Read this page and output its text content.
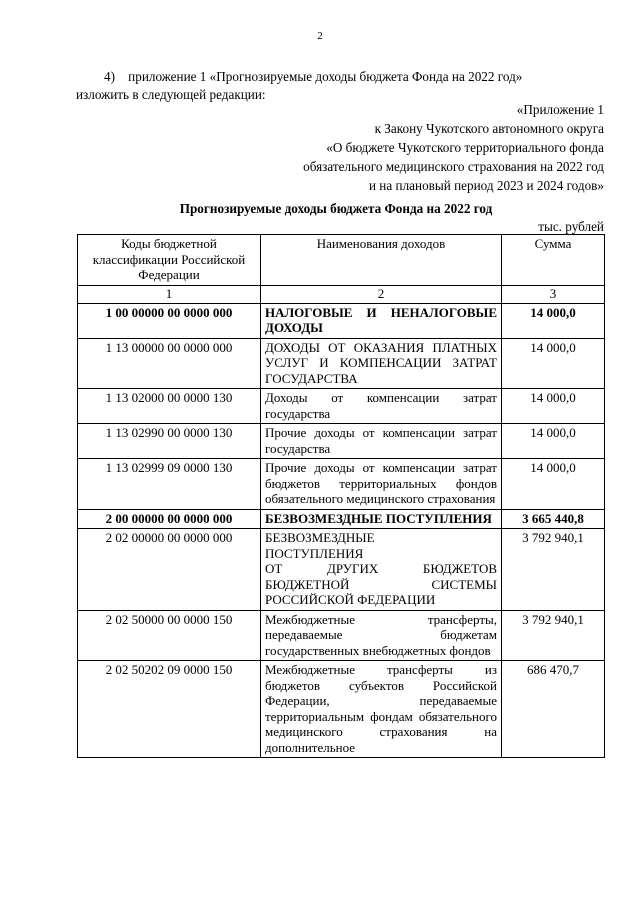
2
4)    приложение 1 «Прогнозируемые доходы бюджета Фонда на 2022 год»
изложить в следующей редакции:
«Приложение 1
к Закону Чукотского автономного округа
«О бюджете Чукотского территориального фонда
обязательного медицинского страхования на 2022 год
и на плановый период 2023 и 2024 годов»
Прогнозируемые доходы бюджета Фонда на 2022 год
тыс. рублей
Коды бюджетной классификации Российской Федерации	Наименования доходов	Сумма
1	2	3
1 00 00000 00 0000 000	НАЛОГОВЫЕ И НЕНАЛОГОВЫЕ ДОХОДЫ	14 000,0
1 13 00000 00 0000 000	ДОХОДЫ ОТ ОКАЗАНИЯ ПЛАТНЫХ УСЛУГ И КОМПЕНСАЦИИ ЗАТРАТ ГОСУДАРСТВА	14 000,0
1 13 02000 00 0000 130	Доходы от компенсации затрат государства	14 000,0
1 13 02990 00 0000 130	Прочие доходы от компенсации затрат государства	14 000,0
1 13 02999 09 0000 130	Прочие доходы от компенсации затрат бюджетов территориальных фондов обязательного медицинского страхования	14 000,0
2 00 00000 00 0000 000	БЕЗВОЗМЕЗДНЫЕ ПОСТУПЛЕНИЯ	3 665 440,8
2 02 00000 00 0000 000	БЕЗВОЗМЕЗДНЫЕ
ПОСТУПЛЕНИЯ
ОТ ДРУГИХ БЮДЖЕТОВ БЮДЖЕТНОЙ СИСТЕМЫ РОССИЙСКОЙ ФЕДЕРАЦИИ	3 792 940,1
2 02 50000 00 0000 150	Межбюджетные трансферты, передаваемые бюджетам государственных внебюджетных фондов	3 792 940,1
2 02 50202 09 0000 150	Межбюджетные трансферты из бюджетов субъектов Российской Федерации, передаваемые территориальным фондам обязательного медицинского страхования на дополнительное	686 470,7
